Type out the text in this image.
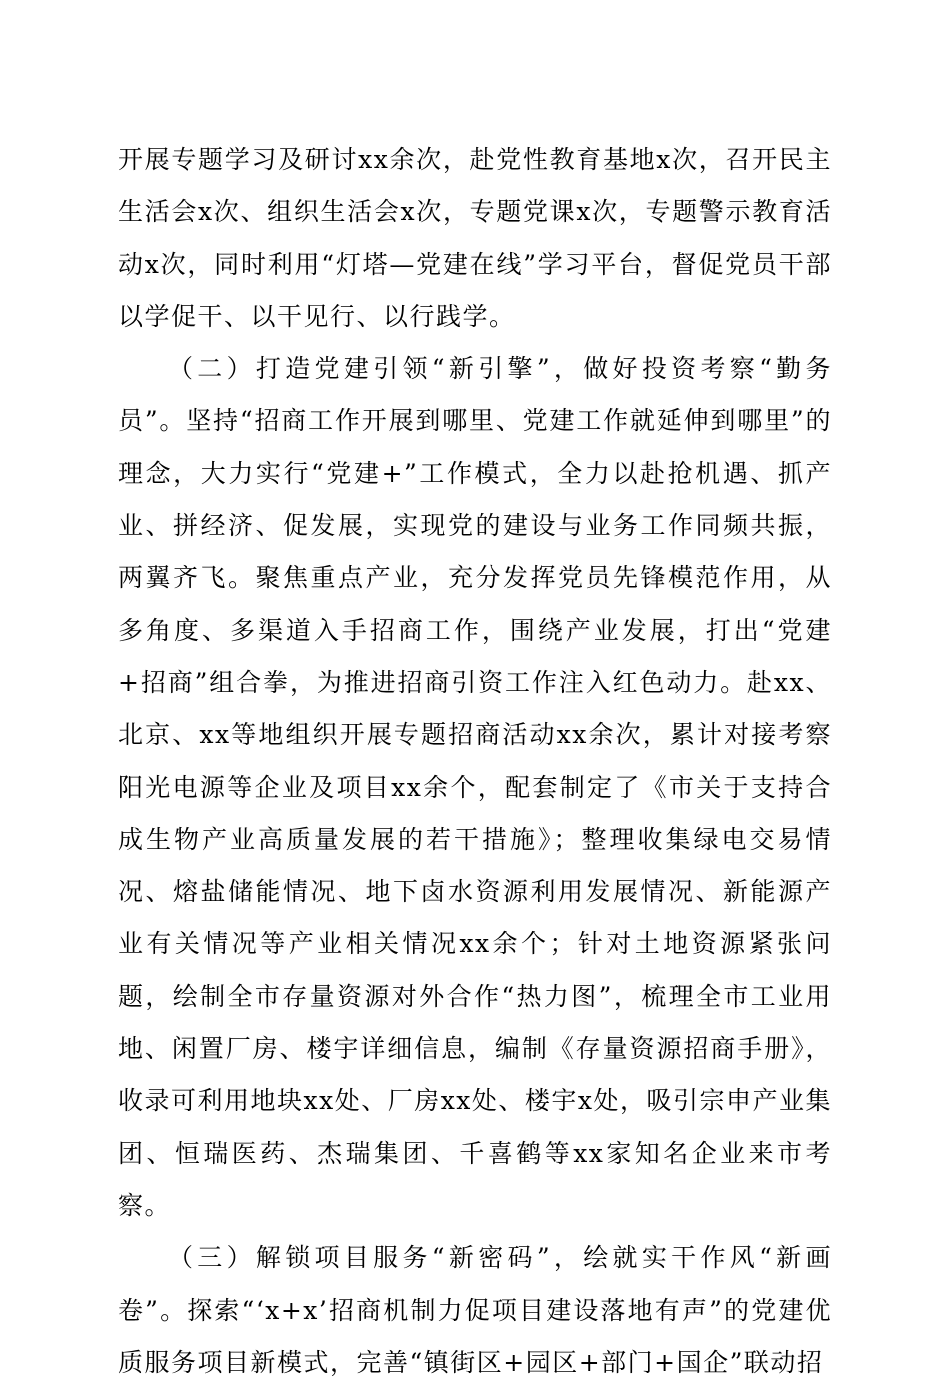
开展专题学习及研讨xx余次，赴党性教育基地x次，召开民主生活会x次、组织生活会x次，专题党课x次，专题警示教育活动x次，同时利用“灯塔—党建在线”学习平台，督促党员干部以学促干、以干见行、以行践学。

（二）打造党建引领“新引擎”，做好投资考察“勤务员”。坚持“招商工作开展到哪里、党建工作就延伸到哪里”的理念，大力实行“党建+”工作模式，全力以赴抢机遇、抓产业、拼经济、促发展，实现党的建设与业务工作同频共振，两翼齐飞。聚焦重点产业，充分发挥党员先锋模范作用，从多角度、多渠道入手招商工作，围绕产业发展，打出“党建+招商”组合拳，为推进招商引资工作注入红色动力。赴xx、北京、xx等地组织开展专题招商活动xx余次，累计对接考察阳光电源等企业及项目xx余个，配套制定了《市关于支持合成生物产业高质量发展的若干措施》；整理收集绿电交易情况、熔盐储能情况、地下卤水资源利用发展情况、新能源产业有关情况等产业相关情况xx余个；针对土地资源紧张问题，绘制全市存量资源对外合作“热力图”，梳理全市工业用地、闲置厂房、楼宇详细信息，编制《存量资源招商手册》，收录可利用地块xx处、厂房xx处、楼宇x处，吸引宗申产业集团、恒瑞医药、杰瑞集团、千喜鹤等xx家知名企业来市考察。

（三）解锁项目服务“新密码”，绘就实干作风“新画卷”。探索“‘x+x’招商机制力促项目建设落地有声”的党建优质服务项目新模式，完善“镇街区+园区+部门+国企”联动招
